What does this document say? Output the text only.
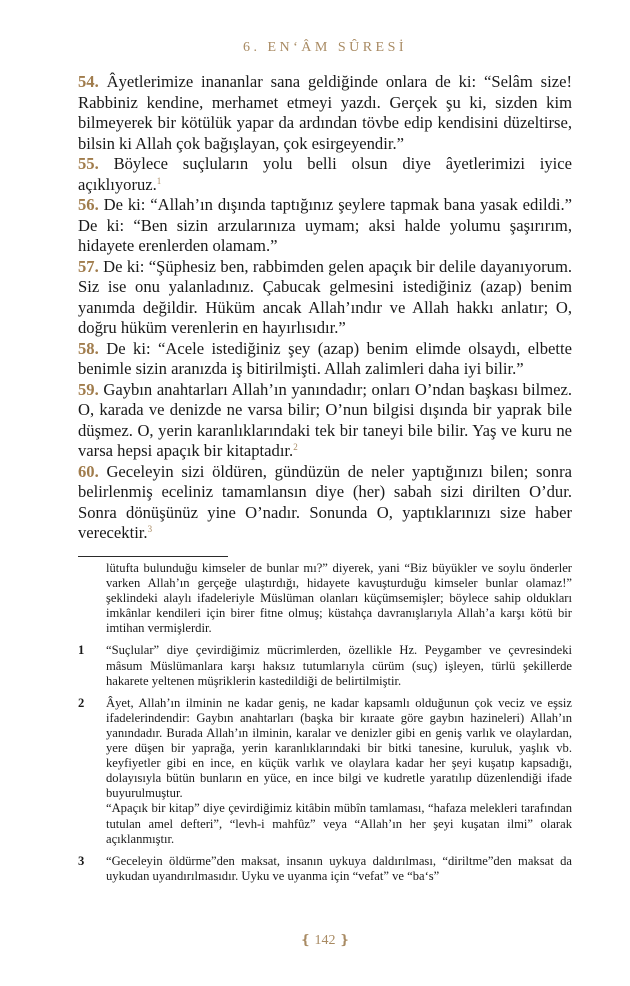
6. EN‘ÂM SÛRESİ

54. Âyetlerimize inananlar sana geldiğinde onlara de ki: “Selâm size! Rabbiniz kendine, merhamet etmeyi yazdı. Gerçek şu ki, sizden kim bilmeyerek bir kötülük yapar da ardından tövbe edip kendisini düzeltirse, bilsin ki Allah çok bağışlayan, çok esirgeyendir.”

55. Böylece suçluların yolu belli olsun diye âyetlerimizi iyice açıklıyoruz.$^1$

56. De ki: “Allah’ın dışında taptığınız şeylere tapmak bana yasak edildi.” De ki: “Ben sizin arzularınıza uymam; aksi halde yolumu şaşırırım, hidayete erenlerden olamam.”

57. De ki: “Şüphesiz ben, rabbimden gelen apaçık bir delile dayanıyorum. Siz ise onu yalanladınız. Çabucak gelmesini istediğiniz (azap) benim yanımda değildir. Hüküm ancak Allah’ındır ve Allah hakkı anlatır; O, doğru hüküm verenlerin en hayırlısıdır.”

58. De ki: “Acele istediğiniz şey (azap) benim elimde olsaydı, elbette benimle sizin aranızda iş bitirilmişti. Allah zalimleri daha iyi bilir.”

59. Gaybın anahtarları Allah’ın yanındadır; onları O’ndan başkası bilmez. O, karada ve denizde ne varsa bilir; O’nun bilgisi dışında bir yaprak bile düşmez. O, yerin karanlıklarındaki tek bir taneyi bile bilir. Yaş ve kuru ne varsa hepsi apaçık bir kitaptadır.$^2$

60. Geceleyin sizi öldüren, gündüzün de neler yaptığınızı bilen; sonra belirlenmiş eceliniz tamamlansın diye (her) sabah sizi dirilten O’dur. Sonra dönüşünüz yine O’nadır. Sonunda O, yaptıklarınızı size haber verecektir.$^3$

lütufta bulunduğu kimseler de bunlar mı?” diyerek, yani “Biz büyükler ve soylu önderler varken Allah’ın gerçeğe ulaştırdığı, hidayete kavuşturduğu kimseler bunlar olamaz!” şeklindeki alaylı ifadeleriyle Müslüman olanları küçümsemişler; böylece sahip oldukları imkânlar kendileri için birer fitne olmuş; küstahça davranışlarıyla Allah’a karşı kötü bir imtihan vermişlerdir.

1 “Suçlular” diye çevirdiğimiz mücrimlerden, özellikle Hz. Peygamber ve çevresindeki mâsum Müslümanlara karşı haksız tutumlarıyla cürüm (suç) işleyen, türlü şekillerde hakarete yeltenen müşriklerin kastedildiği de belirtilmiştir.

2 Âyet, Allah’ın ilminin ne kadar geniş, ne kadar kapsamlı olduğunun çok veciz ve eşsiz ifadelerindendir: Gaybın anahtarları (başka bir kıraate göre gaybın hazineleri) Allah’ın yanındadır. Burada Allah’ın ilminin, karalar ve denizler gibi en geniş varlık ve olaylardan, yere düşen bir yaprağa, yerin karanlıklarındaki bir bitki tanesine, kuruluk, yaşlık vb. keyfiyetler gibi en ince, en küçük varlık ve olaylara kadar her şeyi kuşatıp kapsadığı, dolayısıyla bütün bunların en yüce, en ince bilgi ve kudretle yaratılıp düzenlendiği ifade buyurulmuştur.

“Apaçık bir kitap” diye çevirdiğimiz kitâbin mübîn tamlaması, “hafaza melekleri tarafından tutulan amel defteri”, “levh-i mahfûz” veya “Allah’ın her şeyi kuşatan ilmi” olarak açıklanmıştır.

3 “Geceleyin öldürme”den maksat, insanın uykuya daldırılması, “diriltme”den maksat da uykudan uyandırılmasıdır. Uyku ve uyanma için “vefat” ve “ba‘s”

❴ 142 ❵
